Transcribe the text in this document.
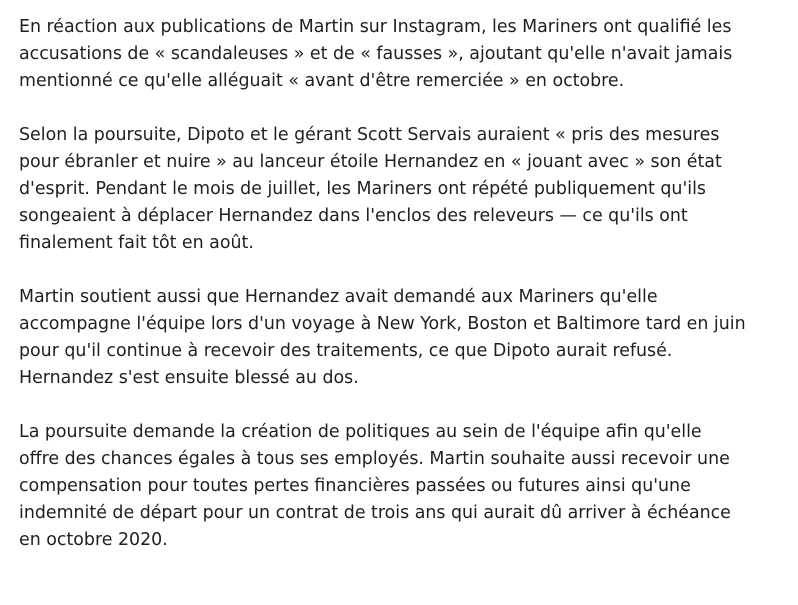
En réaction aux publications de Martin sur Instagram, les Mariners ont qualifié les
accusations de « scandaleuses » et de « fausses », ajoutant qu'elle n'avait jamais
mentionné ce qu'elle alléguait « avant d'être remerciée » en octobre.

Selon la poursuite, Dipoto et le gérant Scott Servais auraient « pris des mesures
pour ébranler et nuire » au lanceur étoile Hernandez en « jouant avec » son état
d'esprit. Pendant le mois de juillet, les Mariners ont répété publiquement qu'ils
songeaient à déplacer Hernandez dans l'enclos des releveurs — ce qu'ils ont
finalement fait tôt en août.

Martin soutient aussi que Hernandez avait demandé aux Mariners qu'elle
accompagne l'équipe lors d'un voyage à New York, Boston et Baltimore tard en juin
pour qu'il continue à recevoir des traitements, ce que Dipoto aurait refusé.
Hernandez s'est ensuite blessé au dos.

La poursuite demande la création de politiques au sein de l'équipe afin qu'elle
offre des chances égales à tous ses employés. Martin souhaite aussi recevoir une
compensation pour toutes pertes financières passées ou futures ainsi qu'une
indemnité de départ pour un contrat de trois ans qui aurait dû arriver à échéance
en octobre 2020.
